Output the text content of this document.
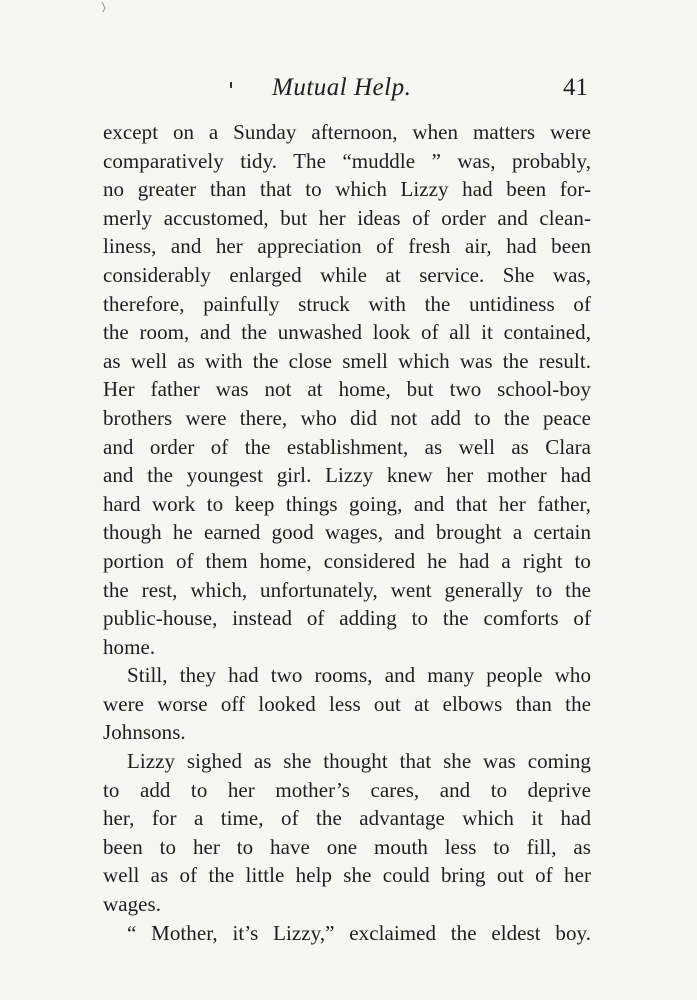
Mutual Help.	41
except on a Sunday afternoon, when matters were
comparatively tidy. The “muddle ” was, probably,
no greater than that to which Lizzy had been for-
merly accustomed, but her ideas of order and clean-
liness, and her appreciation of fresh air, had been
considerably enlarged while at service. She was,
therefore, painfully struck with the untidiness of
the room, and the unwashed look of all it contained,
as well as with the close smell which was the result.
Her father was not at home, but two school-boy
brothers were there, who did not add to the peace
and order of the establishment, as well as Clara
and the youngest girl. Lizzy knew her mother had
hard work to keep things going, and that her father,
though he earned good wages, and brought a certain
portion of them home, considered he had a right to
the rest, which, unfortunately, went generally to the
public-house, instead of adding to the comforts of
home.
Still, they had two rooms, and many people who
were worse off looked less out at elbows than the
Johnsons.
Lizzy sighed as she thought that she was coming
to add to her mother’s cares, and to deprive
her, for a time, of the advantage which it had
been to her to have one mouth less to fill, as
well as of the little help she could bring out of her
wages.
“ Mother, it’s Lizzy,” exclaimed the eldest boy.
